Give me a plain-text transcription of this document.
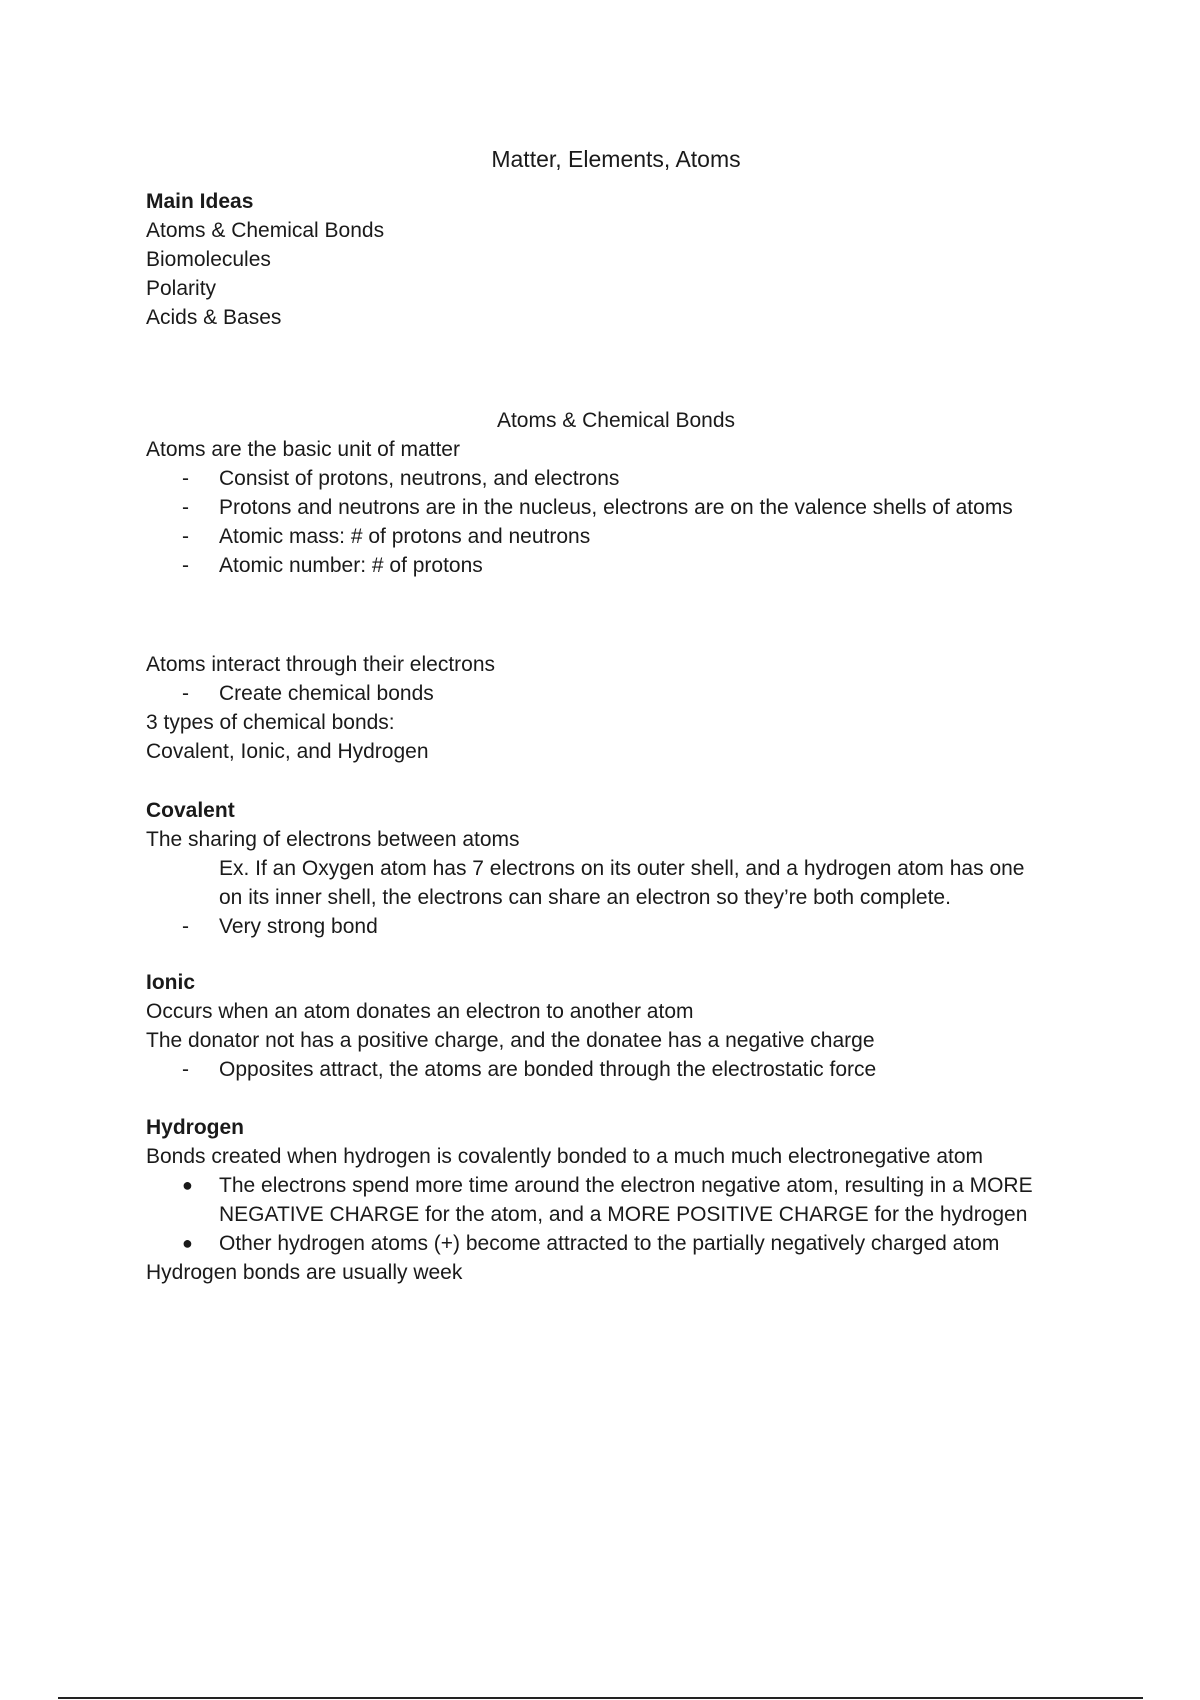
Matter, Elements, Atoms
Main Ideas
Atoms & Chemical Bonds
Biomolecules
Polarity
Acids & Bases
Atoms & Chemical Bonds
Atoms are the basic unit of matter
- Consist of protons, neutrons, and electrons
- Protons and neutrons are in the nucleus, electrons are on the valence shells of atoms
- Atomic mass: # of protons and neutrons
- Atomic number: # of protons
Atoms interact through their electrons
- Create chemical bonds
3 types of chemical bonds:
Covalent, Ionic, and Hydrogen
Covalent
The sharing of electrons between atoms
Ex. If an Oxygen atom has 7 electrons on its outer shell, and a hydrogen atom has one
on its inner shell, the electrons can share an electron so they’re both complete.
- Very strong bond
Ionic
Occurs when an atom donates an electron to another atom
The donator not has a positive charge, and the donatee has a negative charge
- Opposites attract, the atoms are bonded through the electrostatic force
Hydrogen
Bonds created when hydrogen is covalently bonded to a much much electronegative atom
● The electrons spend more time around the electron negative atom, resulting in a MORE
NEGATIVE CHARGE for the atom, and a MORE POSITIVE CHARGE for the hydrogen
● Other hydrogen atoms (+) become attracted to the partially negatively charged atom
Hydrogen bonds are usually week
